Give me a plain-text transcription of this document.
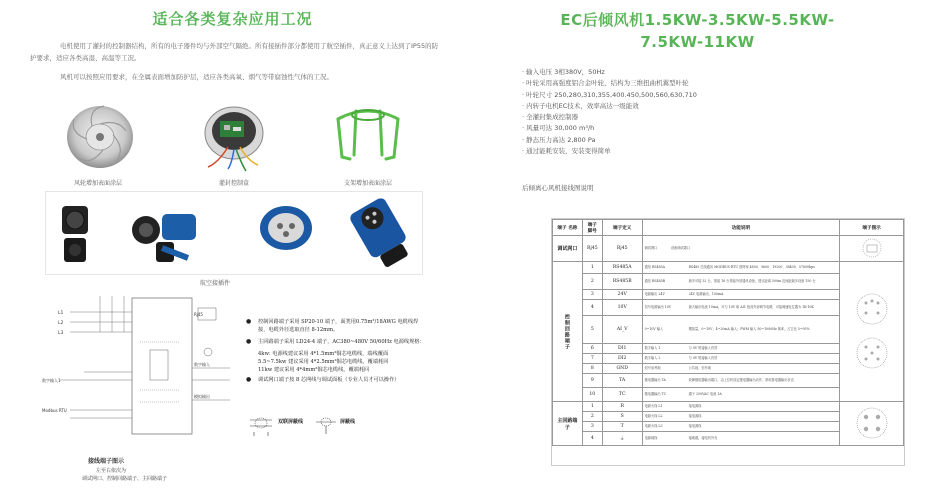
适合各类复杂应用工况
电机使用了灌封的控制器结构，所有的电子器件均与外部空气隔绝。所有接插件部分都使用了航空插件，真正意义上达到了IP55的防护要求，适应各类高湿、高温等工况。
风机可以按照应用要求，在全属表面增加防护层，适应各类高氧、烟气等带腐蚀性气体的工况。
风轮增加表面涂层	灌封控制盒	支架增加表面涂层
航空接插件
L1
L2
L3
数字输入1
Modbus RTU
数字输入
模拟输出
Rj45
接线端子图示
左至右依次为
调试网口、控制回路端子、主回路端子
● 控制回路端子采用 SP20-10 端子，面类用0.75m²/18AWG 电缆线焊接，电缆外径选取直径 8-12mm。
● 主回路端子采用 LD24-4 端子，AC380~480V 50/60Hz 电源线规格：
4kw: 电源线建议采用 4*1.5mm²铜芯电缆线，端线覆面
5.5~7.5kw 建议采用 4*2.5mm²铜芯电缆线，覆端耗回
11kw 建议采用 4*4mm²铜芯电缆线，覆端耗回
● 调试网口端子按 8 芯网线与调试面板（专业人员才可以操作）
双联屏蔽线	屏蔽线
EC后倾风机1.5KW-3.5KW-5.5KW-
7.5KW-11KW
· 输入电压 3相380V，50Hz
· 叶轮采用高强度铝合金叶轮，结构为三维扭曲机翼型叶轮
· 叶轮尺寸 250,280,310,355,400.450,500,560,630,710
· 内转子电机EC技术，效率高达一级能效
· 全灌封集成控制器
· 风量可达 30,000 m³/h
· 静态压力高达 2,800 Pa
· 通过能耗安装，安装变得简单
后倾离心风机接线图说明
端子 名称	端子 脚号	端子定义	功能说明	端子图示
调试网口	Rj45	Rj45	调试网口 设备调试端口	
控制回路端子	1	RS485A	通信 RS485A RS485 总线通讯 MODBUS-RTU 波特率 4800、9600、19200、38400、57600bps	
	2	RS485B	通信 RS485B 最多可接 32 台，预留 16 台预留外部通讯设备，建议距离 500m 及间距最多设备 150 台	
	3	24V	电源输出 24V 24V 电源输出，100mA	
	4	10V	信号电源输出 10V 最大输出电流 10mA，可与 10V 和 AI1 组成外部调节电路，可接调速电位器为 1K-10K	
	5	AI_V	0~10V 输入 模拟量，0~10V；4~20mA 输入；PWM 输入 50~1000Hz 频率，占空比 5~95%	
	6	DI1	数字输入 1 与 0V 短接输入有效	
	7	DI2	数字输入 2 与 0V 短接输入有效	
	8	GND	信号参考地 公共地，信号地	
	9	TA	继电器输出 TA 故障继电器输出端口，由上位机设定继电器输出动作，常用继电器输出状态	
	10	TC	继电器输出 TC 端子 250VAC 电流 1A	
主回路端子	1	R	电源火线 L1 接电源线	
	2	S	电源火线 L2 接电源线	
	3	T	电源火线 L3 接电源线	
	4	⏚	电源地线 接地端，接电机外壳	
